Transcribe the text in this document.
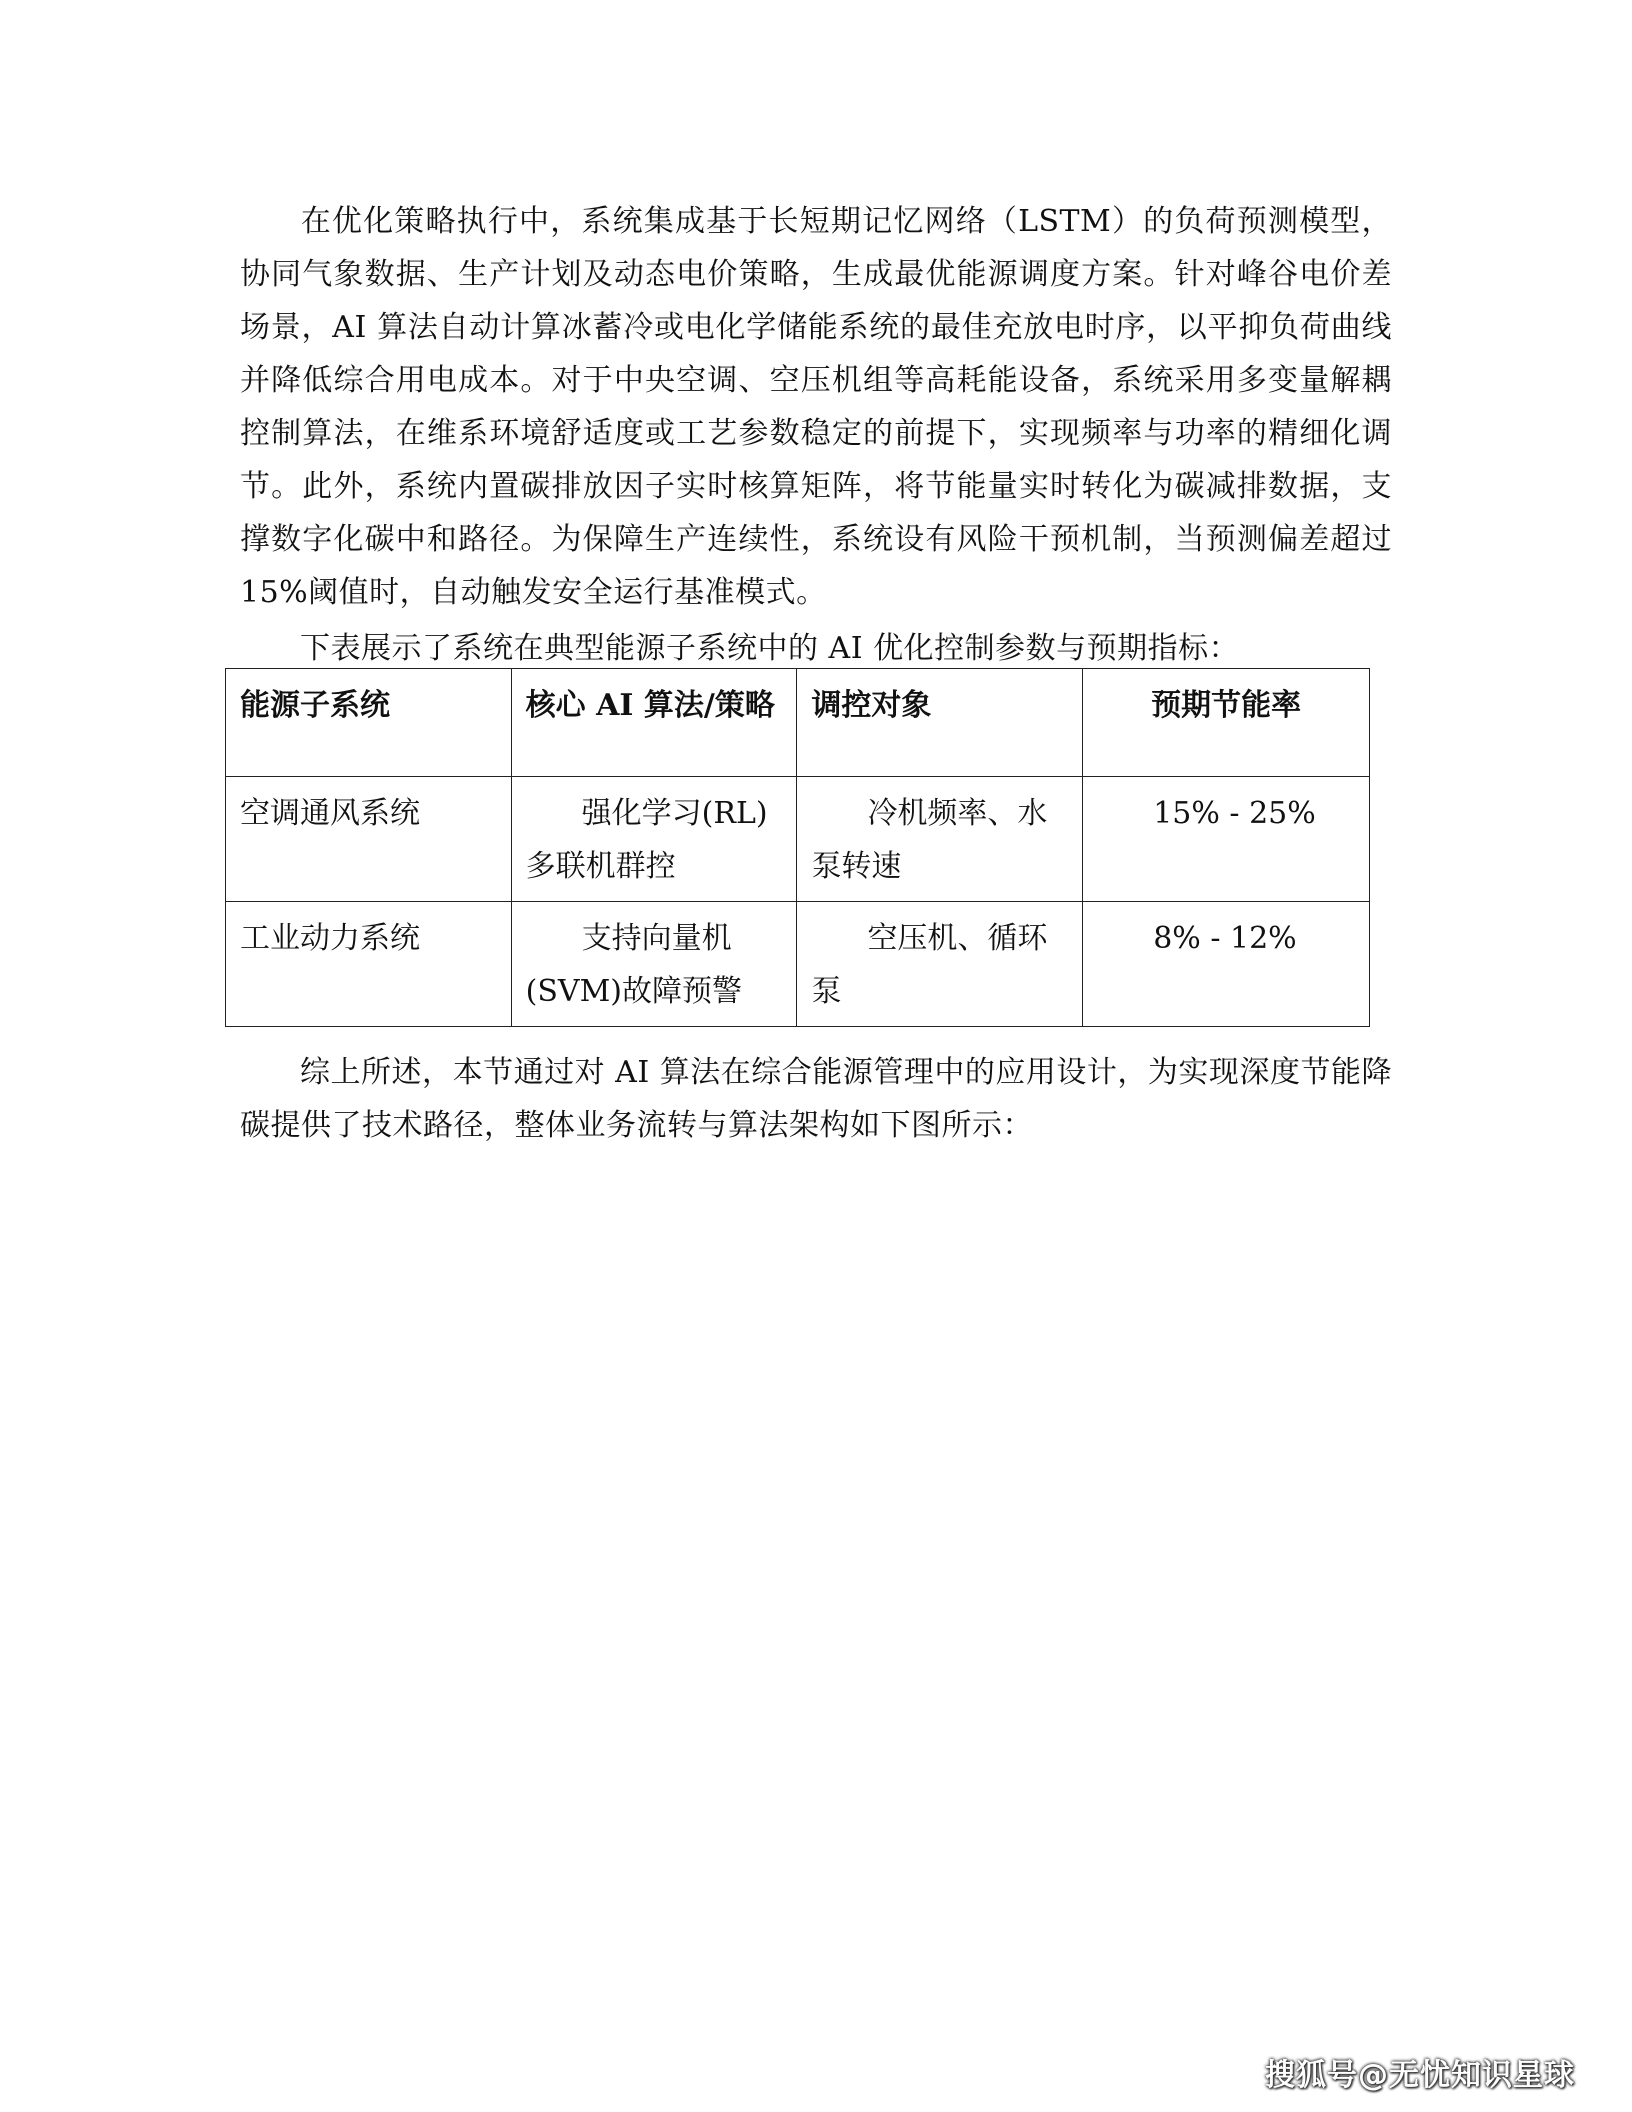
在优化策略执行中，系统集成基于长短期记忆网络（LSTM）的负荷预测模型，协同气象数据、生产计划及动态电价策略，生成最优能源调度方案。针对峰谷电价差场景，AI 算法自动计算冰蓄冷或电化学储能系统的最佳充放电时序，以平抑负荷曲线并降低综合用电成本。对于中央空调、空压机组等高耗能设备，系统采用多变量解耦控制算法，在维系环境舒适度或工艺参数稳定的前提下，实现频率与功率的精细化调节。此外，系统内置碳排放因子实时核算矩阵，将节能量实时转化为碳减排数据，支撑数字化碳中和路径。为保障生产连续性，系统设有风险干预机制，当预测偏差超过 15%阈值时，自动触发安全运行基准模式。

下表展示了系统在典型能源子系统中的 AI 优化控制参数与预期指标：

能源子系统	核心 AI 算法/策略	调控对象	预期节能率
空调通风系统	强化学习(RL)多联机群控	冷机频率、水泵转速	15% - 25%
工业动力系统	支持向量机(SVM)故障预警	空压机、循环泵	8% - 12%

综上所述，本节通过对 AI 算法在综合能源管理中的应用设计，为实现深度节能降碳提供了技术路径，整体业务流转与算法架构如下图所示：

搜狐号@无忧知识星球
